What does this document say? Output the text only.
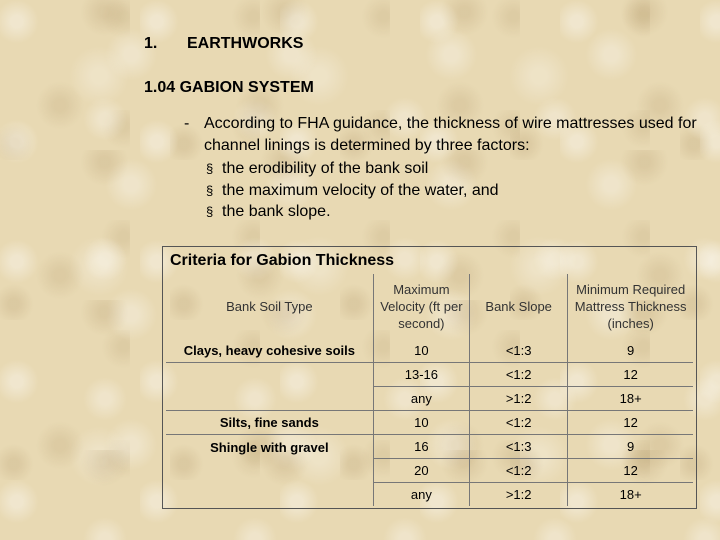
1. EARTHWORKS
1.04 GABION SYSTEM
- According to FHA guidance, the thickness of wire mattresses used for channel linings is determined by three factors:
§ the erodibility of the bank soil
§ the maximum velocity of the water, and
§ the bank slope.
Criteria for Gabion Thickness
Bank Soil Type	Maximum Velocity (ft per second)	Bank Slope	Minimum Required Mattress Thickness (inches)
Clays, heavy cohesive soils	10	<1:3	9
	13-16	<1:2	12
	any	>1:2	18+
Silts, fine sands	10	<1:2	12
Shingle with gravel	16	<1:3	9
	20	<1:2	12
	any	>1:2	18+
